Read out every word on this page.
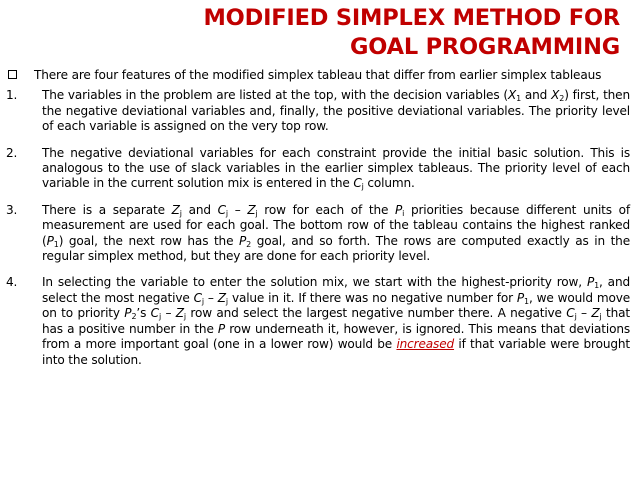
MODIFIED SIMPLEX METHOD FOR
GOAL PROGRAMMING
There are four features of the modified simplex tableau that differ from earlier simplex tableaus
1. The variables in the problem are listed at the top, with the decision variables ($X_1$ and $X_2$) first, then the negative deviational variables and, finally, the positive deviational variables. The priority level of each variable is assigned on the very top row.
2. The negative deviational variables for each constraint provide the initial basic solution. This is analogous to the use of slack variables in the earlier simplex tableaus. The priority level of each variable in the current solution mix is entered in the $C_j$ column.
3. There is a separate $Z_j$ and $C_j - Z_j$ row for each of the $P_i$ priorities because different units of measurement are used for each goal. The bottom row of the tableau contains the highest ranked $(P_1)$ goal, the next row has the $P_2$ goal, and so forth. The rows are computed exactly as in the regular simplex method, but they are done for each priority level.
4. In selecting the variable to enter the solution mix, we start with the highest-priority row, $P_1$, and select the most negative $C_j - Z_j$ value in it. If there was no negative number for $P_1$, we would move on to priority $P_2’s$ $C_j - Z_j$ row and select the largest negative number there. A negative $C_j - Z_j$ that has a positive number in the P row underneath it, however, is ignored. This means that deviations from a more important goal (one in a lower row) would be increased if that variable were brought into the solution.
